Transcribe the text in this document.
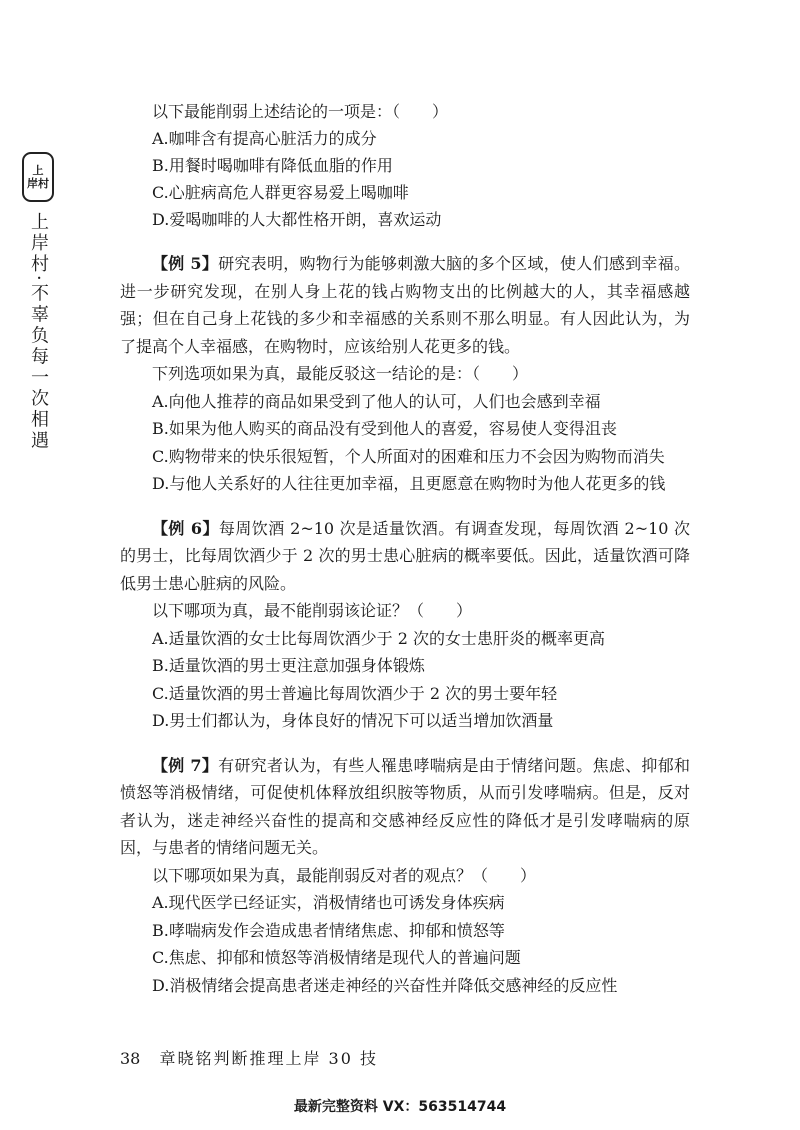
上
岸村
上岸村·不辜负每一次相遇

以下最能削弱上述结论的一项是：（　　）

A.咖啡含有提高心脏活力的成分

B.用餐时喝咖啡有降低血脂的作用

C.心脏病高危人群更容易爱上喝咖啡

D.爱喝咖啡的人大都性格开朗，喜欢运动

【例 5】研究表明，购物行为能够刺激大脑的多个区域，使人们感到幸福。进一步研究发现，在别人身上花的钱占购物支出的比例越大的人，其幸福感越强；但在自己身上花钱的多少和幸福感的关系则不那么明显。有人因此认为，为了提高个人幸福感，在购物时，应该给别人花更多的钱。

下列选项如果为真，最能反驳这一结论的是：（　　）

A.向他人推荐的商品如果受到了他人的认可，人们也会感到幸福

B.如果为他人购买的商品没有受到他人的喜爱，容易使人变得沮丧

C.购物带来的快乐很短暂，个人所面对的困难和压力不会因为购物而消失

D.与他人关系好的人往往更加幸福，且更愿意在购物时为他人花更多的钱

【例 6】每周饮酒 2~10 次是适量饮酒。有调查发现，每周饮酒 2~10 次的男士，比每周饮酒少于 2 次的男士患心脏病的概率要低。因此，适量饮酒可降低男士患心脏病的风险。

以下哪项为真，最不能削弱该论证？（　　）

A.适量饮酒的女士比每周饮酒少于 2 次的女士患肝炎的概率更高

B.适量饮酒的男士更注意加强身体锻炼

C.适量饮酒的男士普遍比每周饮酒少于 2 次的男士要年轻

D.男士们都认为，身体良好的情况下可以适当增加饮酒量

【例 7】有研究者认为，有些人罹患哮喘病是由于情绪问题。焦虑、抑郁和愤怒等消极情绪，可促使机体释放组织胺等物质，从而引发哮喘病。但是，反对者认为，迷走神经兴奋性的提高和交感神经反应性的降低才是引发哮喘病的原因，与患者的情绪问题无关。

以下哪项如果为真，最能削弱反对者的观点？（　　）

A.现代医学已经证实，消极情绪也可诱发身体疾病

B.哮喘病发作会造成患者情绪焦虑、抑郁和愤怒等

C.焦虑、抑郁和愤怒等消极情绪是现代人的普遍问题

D.消极情绪会提高患者迷走神经的兴奋性并降低交感神经的反应性

38 章晓铭判断推理上岸 30 技
最新完整资料 VX：563514744
